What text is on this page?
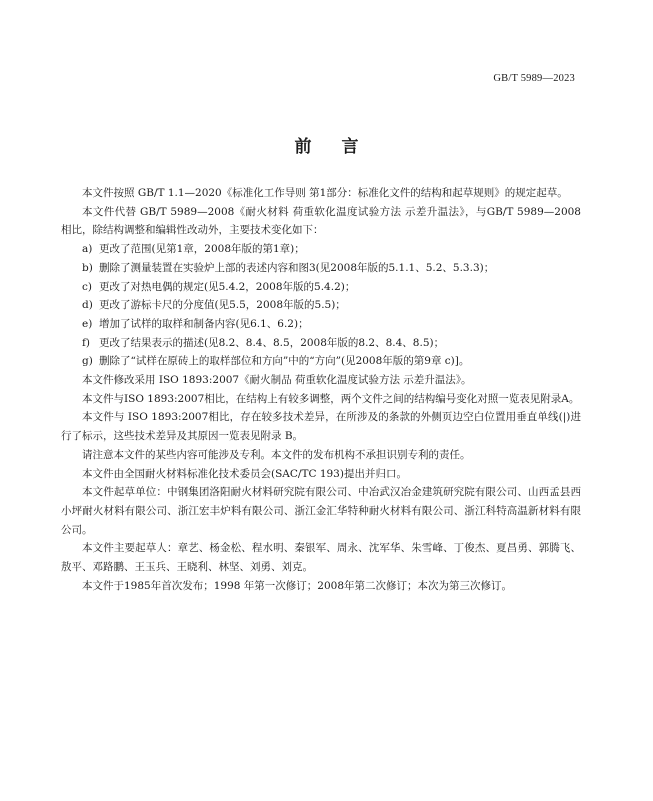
GB/T 5989—2023
前言

本文件按照 GB/T 1.1—2020《标准化工作导则 第1部分：标准化文件的结构和起草规则》的规定起草。

本文件代替 GB/T 5989—2008《耐火材料 荷重软化温度试验方法 示差升温法》，与GB/T 5989—2008 相比，除结构调整和编辑性改动外，主要技术变化如下：

a) 更改了范围(见第1章，2008年版的第1章)；

b) 删除了测量装置在实验炉上部的表述内容和图3(见2008年版的5.1.1、5.2、5.3.3)；

c) 更改了对热电偶的规定(见5.4.2，2008年版的5.4.2)；

d) 更改了游标卡尺的分度值(见5.5，2008年版的5.5)；

e) 增加了试样的取样和制备内容(见6.1、6.2)；

f) 更改了结果表示的描述(见8.2、8.4、8.5，2008年版的8.2、8.4、8.5)；

g) 删除了“试样在原砖上的取样部位和方向”中的“方向”(见2008年版的第9章 c)]。

本文件修改采用 ISO 1893:2007《耐火制品 荷重软化温度试验方法 示差升温法》。

本文件与ISO 1893:2007相比，在结构上有较多调整，两个文件之间的结构编号变化对照一览表见附录A。

本文件与 ISO 1893:2007相比，存在较多技术差异，在所涉及的条款的外侧页边空白位置用垂直单线(|)进行了标示，这些技术差异及其原因一览表见附录 B。

请注意本文件的某些内容可能涉及专利。本文件的发布机构不承担识别专利的责任。

本文件由全国耐火材料标准化技术委员会(SAC/TC 193)提出并归口。

本文件起草单位：中钢集团洛阳耐火材料研究院有限公司、中冶武汉冶金建筑研究院有限公司、山西孟县西小坪耐火材料有限公司、浙江宏丰炉料有限公司、浙江金汇华特种耐火材料有限公司、浙江科特高温新材料有限公司。

本文件主要起草人：章艺、杨金松、程水明、秦银军、周永、沈军华、朱雪峰、丁俊杰、夏昌勇、郭腾飞、敖平、邓路鹏、王玉兵、王晓利、林坚、刘勇、刘克。

本文件于1985年首次发布；1998 年第一次修订；2008年第二次修订；本次为第三次修订。
